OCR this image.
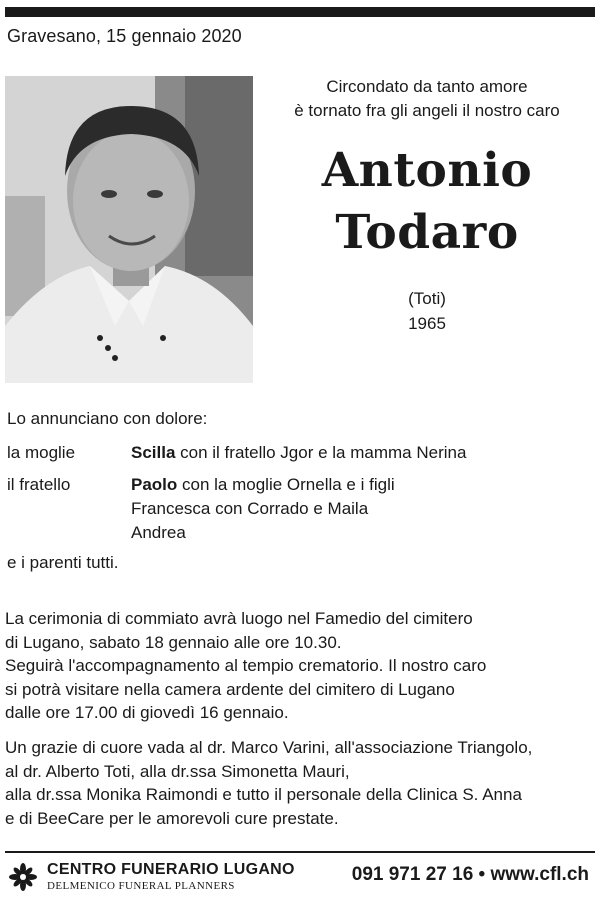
Gravesano, 15 gennaio 2020
Circondato da tanto amore
è tornato fra gli angeli il nostro caro
Antonio
Todaro
(Toti)
1965
Lo annunciano con dolore:
la moglie	Scilla con il fratello Jgor e la mamma Nerina
il fratello	Paolo con la moglie Ornella e i figli
Francesca con Corrado e Maila
Andrea
e i parenti tutti.
La cerimonia di commiato avrà luogo nel Famedio del cimitero
di Lugano, sabato 18 gennaio alle ore 10.30.
Seguirà l'accompagnamento al tempio crematorio. Il nostro caro
si potrà visitare nella camera ardente del cimitero di Lugano
dalle ore 17.00 di giovedì 16 gennaio.
Un grazie di cuore vada al dr. Marco Varini, all'associazione Triangolo,
al dr. Alberto Toti, alla dr.ssa Simonetta Mauri,
alla dr.ssa Monika Raimondi e tutto il personale della Clinica S. Anna
e di BeeCare per le amorevoli cure prestate.
CENTRO FUNERARIO LUGANO
DELMENICO FUNERAL PLANNERS
091 971 27 16 • www.cfl.ch
